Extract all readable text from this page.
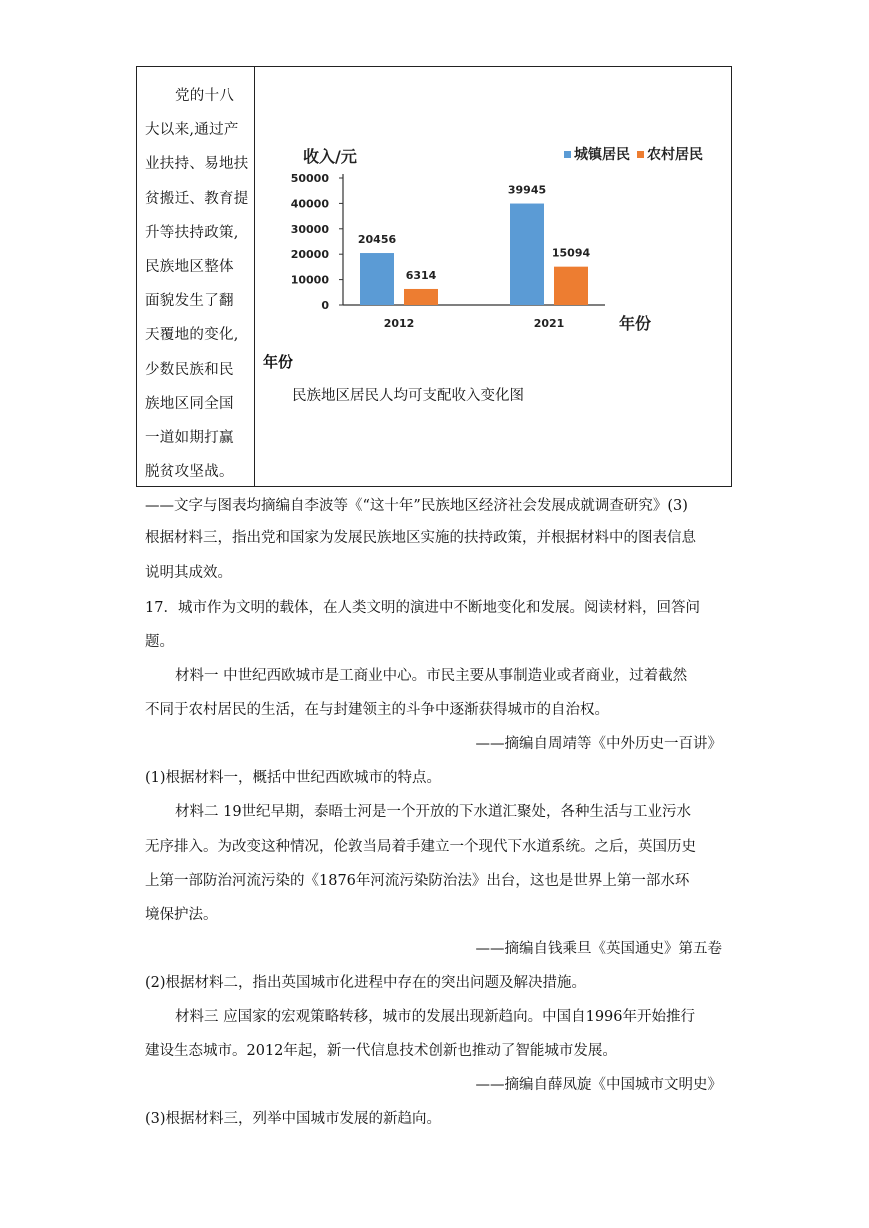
党的十八
大以来,通过产
业扶持、易地扶
贫搬迁、教育提
升等扶持政策,
民族地区整体
面貌发生了翻
天覆地的变化,
少数民族和民
族地区同全国
一道如期打赢
脱贫攻坚战。
收入/元
50000
40000
30000
20000
10000
0
20456
6314
2012
39945
15094
2021	年份
城镇居民 农村居民
年份
民族地区居民人均可支配收入变化图
——文字与图表均摘编自李波等《“这十年”民族地区经济社会发展成就调查研究》(3)
根据材料三，指出党和国家为发展民族地区实施的扶持政策，并根据材料中的图表信息
说明其成效。
17．城市作为文明的载体，在人类文明的演进中不断地变化和发展。阅读材料，回答问
题。
材料一 中世纪西欧城市是工商业中心。市民主要从事制造业或者商业，过着截然
不同于农村居民的生活，在与封建领主的斗争中逐渐获得城市的自治权。
——摘编自周靖等《中外历史一百讲》
(1)根据材料一，概括中世纪西欧城市的特点。
材料二 19世纪早期，泰晤士河是一个开放的下水道汇聚处，各种生活与工业污水
无序排入。为改变这种情况，伦敦当局着手建立一个现代下水道系统。之后，英国历史
上第一部防治河流污染的《1876年河流污染防治法》出台，这也是世界上第一部水环
境保护法。
——摘编自钱乘旦《英国通史》第五卷
(2)根据材料二，指出英国城市化进程中存在的突出问题及解决措施。
材料三 应国家的宏观策略转移，城市的发展出现新趋向。中国自1996年开始推行
建设生态城市。2012年起，新一代信息技术创新也推动了智能城市发展。
——摘编自薛凤旋《中国城市文明史》
(3)根据材料三，列举中国城市发展的新趋向。
